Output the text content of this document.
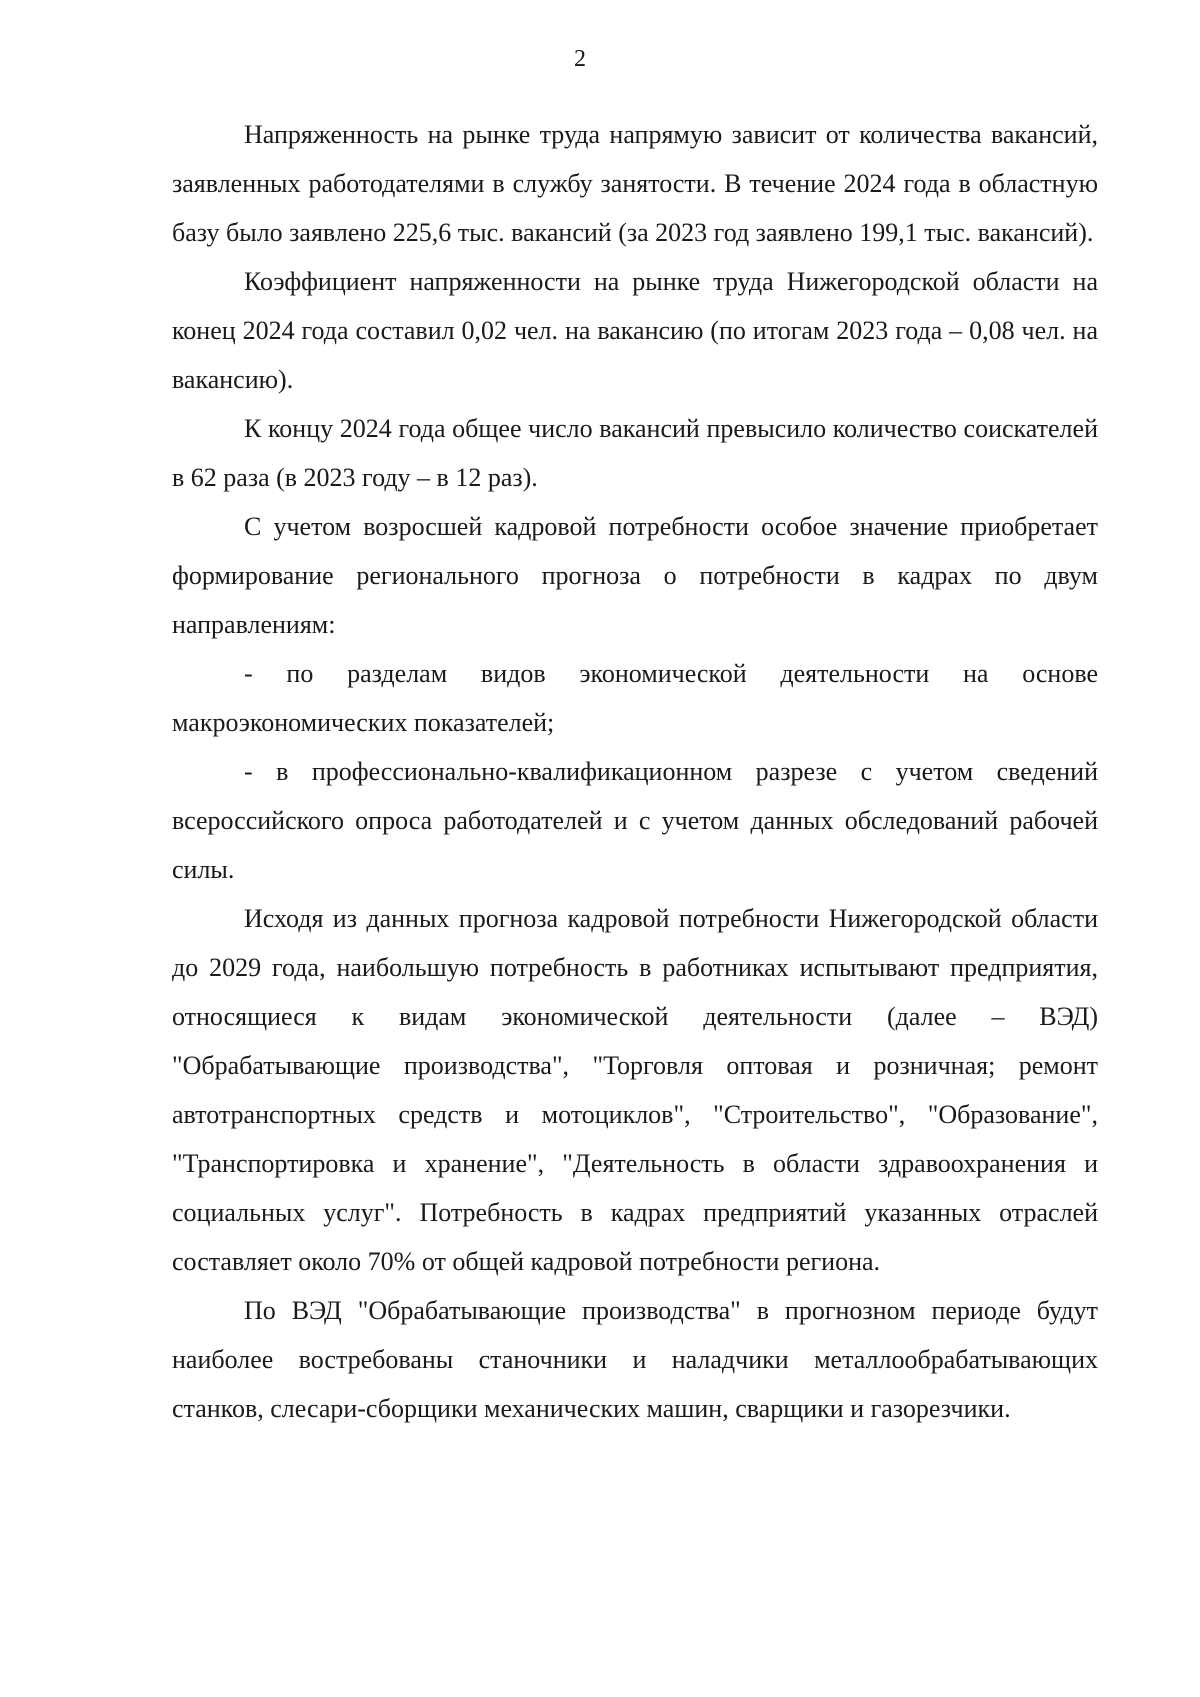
2

Напряженность на рынке труда напрямую зависит от количества вакансий, заявленных работодателями в службу занятости. В течение 2024 года в областную базу было заявлено 225,6 тыс. вакансий (за 2023 год заявлено 199,1 тыс. вакансий).

Коэффициент напряженности на рынке труда Нижегородской области на конец 2024 года составил 0,02 чел. на вакансию (по итогам 2023 года – 0,08 чел. на вакансию).

К концу 2024 года общее число вакансий превысило количество соискателей в 62 раза (в 2023 году – в 12 раз).

С учетом возросшей кадровой потребности особое значение приобретает формирование регионального прогноза о потребности в кадрах по двум направлениям:

- по разделам видов экономической деятельности на основе макроэкономических показателей;

- в профессионально-квалификационном разрезе с учетом сведений всероссийского опроса работодателей и с учетом данных обследований рабочей силы.

Исходя из данных прогноза кадровой потребности Нижегородской области до 2029 года, наибольшую потребность в работниках испытывают предприятия, относящиеся к видам экономической деятельности (далее – ВЭД) "Обрабатывающие производства", "Торговля оптовая и розничная; ремонт автотранспортных средств и мотоциклов", "Строительство", "Образование", "Транспортировка и хранение", "Деятельность в области здравоохранения и социальных услуг". Потребность в кадрах предприятий указанных отраслей составляет около 70% от общей кадровой потребности региона.

По ВЭД "Обрабатывающие производства" в прогнозном периоде будут наиболее востребованы станочники и наладчики металлообрабатывающих станков, слесари-сборщики механических машин, сварщики и газорезчики.
